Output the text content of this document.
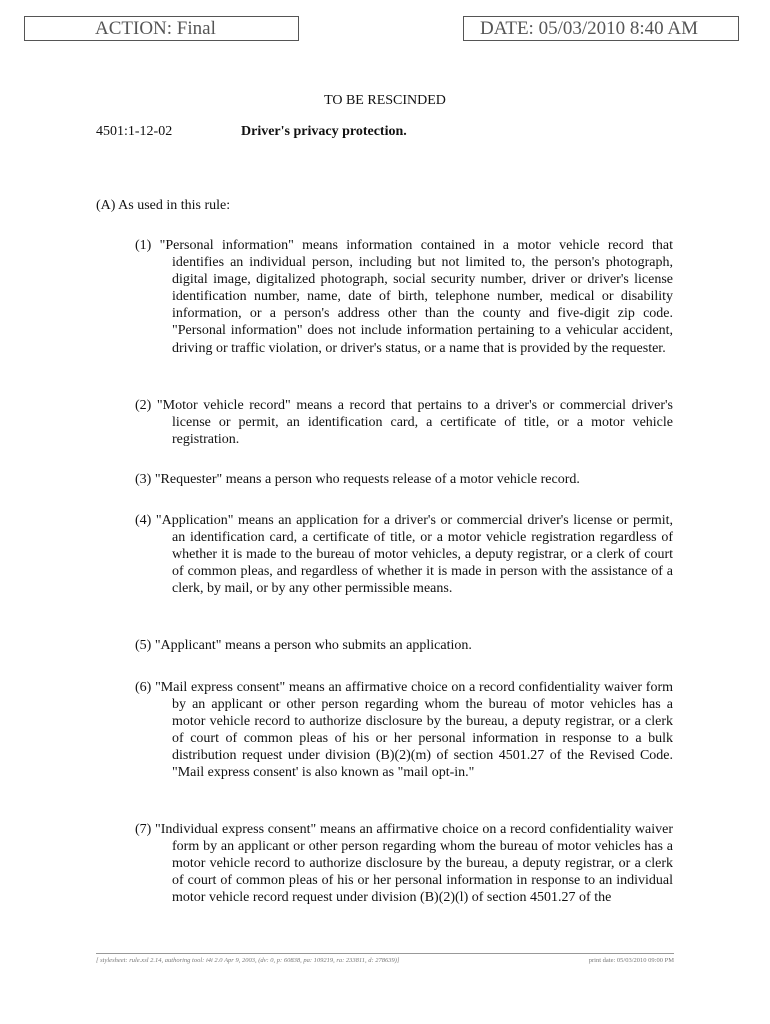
ACTION: Final	DATE: 05/03/2010 8:40 AM
TO BE RESCINDED
4501:1-12-02	Driver's privacy protection.
(A) As used in this rule:
(1) "Personal information" means information contained in a motor vehicle record that identifies an individual person, including but not limited to, the person's photograph, digital image, digitalized photograph, social security number, driver or driver's license identification number, name, date of birth, telephone number, medical or disability information, or a person's address other than the county and five-digit zip code. "Personal information" does not include information pertaining to a vehicular accident, driving or traffic violation, or driver's status, or a name that is provided by the requester.
(2) "Motor vehicle record" means a record that pertains to a driver's or commercial driver's license or permit, an identification card, a certificate of title, or a motor vehicle registration.
(3) "Requester" means a person who requests release of a motor vehicle record.
(4) "Application" means an application for a driver's or commercial driver's license or permit, an identification card, a certificate of title, or a motor vehicle registration regardless of whether it is made to the bureau of motor vehicles, a deputy registrar, or a clerk of court of common pleas, and regardless of whether it is made in person with the assistance of a clerk, by mail, or by any other permissible means.
(5) "Applicant" means a person who submits an application.
(6) "Mail express consent" means an affirmative choice on a record confidentiality waiver form by an applicant or other person regarding whom the bureau of motor vehicles has a motor vehicle record to authorize disclosure by the bureau, a deputy registrar, or a clerk of court of common pleas of his or her personal information in response to a bulk distribution request under division (B)(2)(m) of section 4501.27 of the Revised Code. "Mail express consent' is also known as "mail opt-in."
(7) "Individual express consent" means an affirmative choice on a record confidentiality waiver form by an applicant or other person regarding whom the bureau of motor vehicles has a motor vehicle record to authorize disclosure by the bureau, a deputy registrar, or a clerk of court of common pleas of his or her personal information in response to an individual motor vehicle record request under division (B)(2)(l) of section 4501.27 of the
[ stylesheet: rule.xsl 2.14, authoring tool: i4i 2.0 Apr 9, 2003, (dv: 0, p: 60838, pa: 109219, ra: 233811, d: 278639)]	print date: 05/03/2010 09:00 PM
